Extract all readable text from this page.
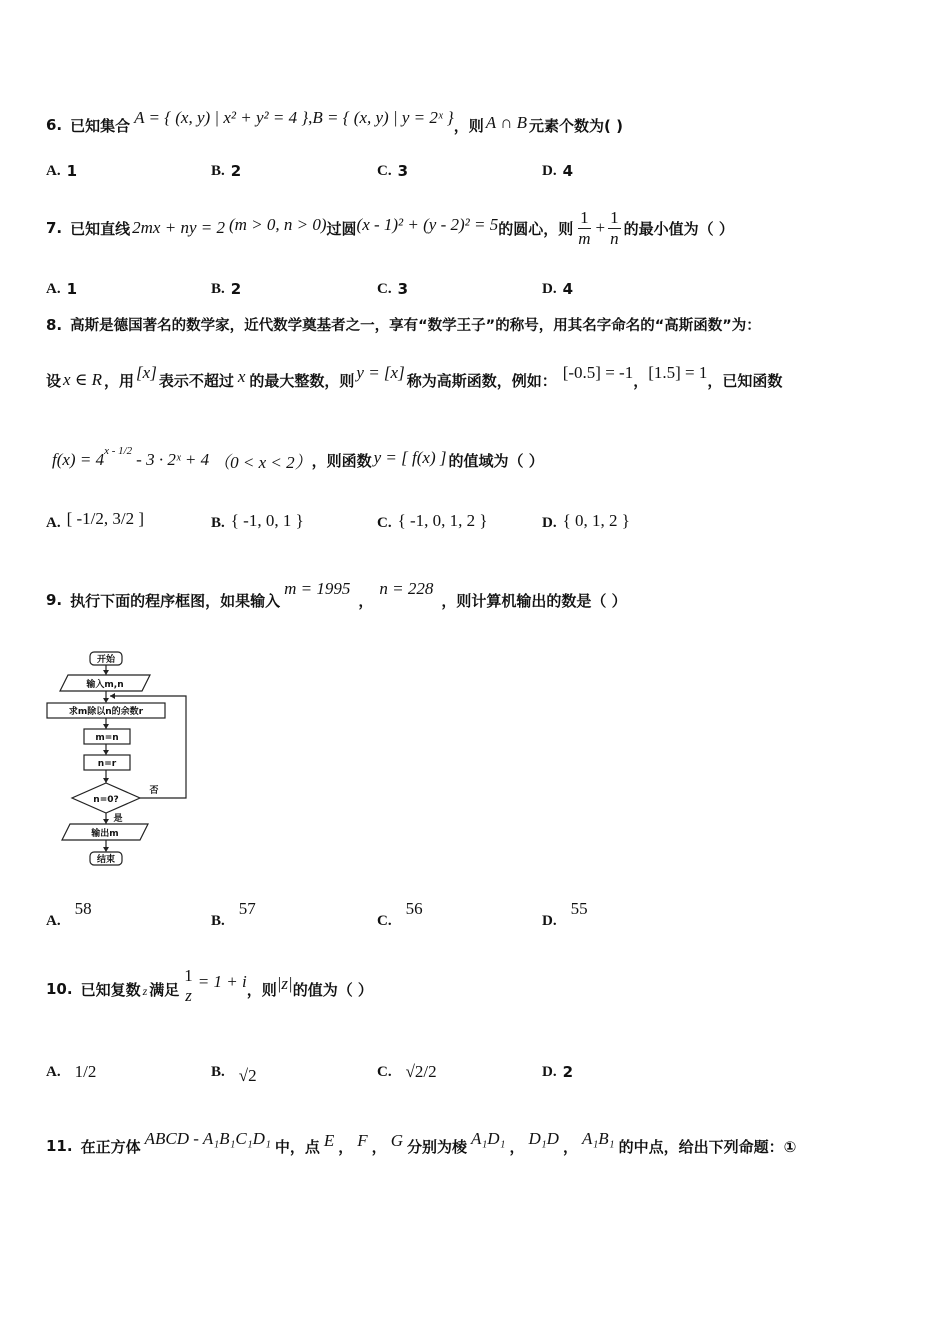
6. 已知集合 A = { (x, y) | x² + y² = 4 } , B = { (x, y) | y = 2ˣ } ，则 A ∩ B 元素个数为( )
A. 1	B. 2	C. 3	D. 4
7. 已知直线 2mx + ny = 2 (m > 0, n > 0) 过圆 (x - 1)² + (y - 2)² = 5 的圆心，则 $\frac{1}{m} + \frac{1}{n}$ 的最小值为（ ）
A. 1	B. 2	C. 3	D. 4
8. 高斯是德国著名的数学家，近代数学奠基者之一，享有“数学王子”的称号，用其名字命名的“高斯函数”为：
设 x ∈ R ，用 [x] 表示不超过 x 的最大整数，则 y = [x] 称为高斯函数，例如： [-0.5] = -1 ， [1.5] = 1 ，已知函数
f(x) = 4 x - 1/2 - 3 · 2ˣ + 4 （0 < x < 2） ，则函数 y = [ f(x) ] 的值域为（ ）
A. [ -1/2, 3/2 ]	B. { -1, 0, 1 }	C. { -1, 0, 1, 2 }	D. { 0, 1, 2 }
9. 执行下面的程序框图，如果输入
m = 1995
，
n = 228
，则计算机输出的数是（ ）
开始
输入m,n
求m除以n的余数r
m=n
n=r
n=0?
否
是
输出m
结束
A.
58
B.
57
C.
56
D.
55
10. 已知复数 z 满足
1
z
= 1 + i ，则 |z| 的值为（ ）
A. 1/2	B. √2	C. √2/2	D. 2
11. 在正方体 ABCD - A₁B₁C₁D₁ 中，点 E ， F ， G 分别为棱 A₁D₁ ， D₁D ， A₁B₁ 的中点，给出下列命题：①
